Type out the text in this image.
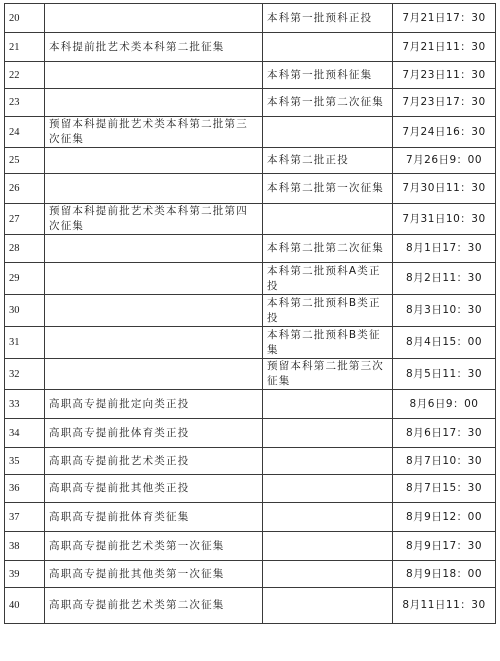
20		本科第一批预科正投	7月21日17：30
21	本科提前批艺术类本科第二批征集		7月21日11：30
22		本科第一批预科征集	7月23日11：30
23		本科第一批第二次征集	7月23日17：30
24	预留本科提前批艺术类本科第二批第三次征集		7月24日16：30
25		本科第二批正投	7月26日9：00
26		本科第二批第一次征集	7月30日11：30
27	预留本科提前批艺术类本科第二批第四次征集		7月31日10：30
28		本科第二批第二次征集	8月1日17：30
29		本科第二批预科A类正投	8月2日11：30
30		本科第二批预科B类正投	8月3日10：30
31		本科第二批预科B类征集	8月4日15：00
32		预留本科第二批第三次征集	8月5日11：30
33	高职高专提前批定向类正投		8月6日9：00
34	高职高专提前批体育类正投		8月6日17：30
35	高职高专提前批艺术类正投		8月7日10：30
36	高职高专提前批其他类正投		8月7日15：30
37	高职高专提前批体育类征集		8月9日12：00
38	高职高专提前批艺术类第一次征集		8月9日17：30
39	高职高专提前批其他类第一次征集		8月9日18：00
40	高职高专提前批艺术类第二次征集		8月11日11：30
